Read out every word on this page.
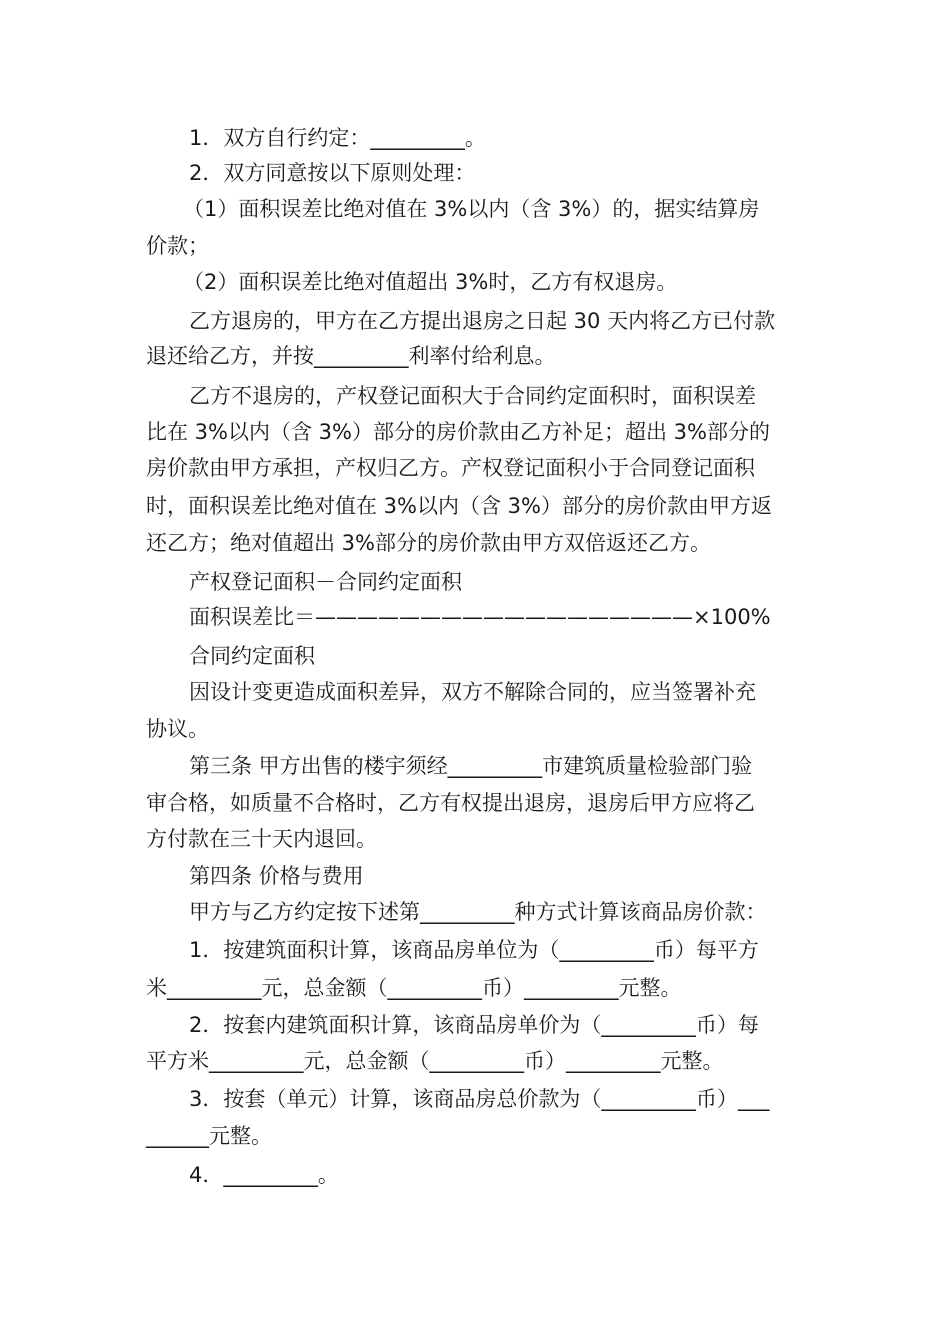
1．双方自行约定：_________。
2．双方同意按以下原则处理：
（1）面积误差比绝对值在 3%以内（含 3%）的，据实结算房
价款；
（2）面积误差比绝对值超出 3%时，乙方有权退房。
乙方退房的，甲方在乙方提出退房之日起 30 天内将乙方已付款
退还给乙方，并按_________利率付给利息。
乙方不退房的，产权登记面积大于合同约定面积时，面积误差
比在 3%以内（含 3%）部分的房价款由乙方补足；超出 3%部分的
房价款由甲方承担，产权归乙方。产权登记面积小于合同登记面积
时，面积误差比绝对值在 3%以内（含 3%）部分的房价款由甲方返
还乙方；绝对值超出 3%部分的房价款由甲方双倍返还乙方。
产权登记面积－合同约定面积
面积误差比＝——————————————————×100%
合同约定面积
因设计变更造成面积差异，双方不解除合同的，应当签署补充
协议。
第三条 甲方出售的楼宇须经_________市建筑质量检验部门验
审合格，如质量不合格时，乙方有权提出退房，退房后甲方应将乙
方付款在三十天内退回。
第四条 价格与费用
甲方与乙方约定按下述第_________种方式计算该商品房价款：
1．按建筑面积计算，该商品房单位为（_________币）每平方
米_________元，总金额（_________币）_________元整。
2．按套内建筑面积计算，该商品房单价为（_________币）每
平方米_________元，总金额（_________币）_________元整。
3．按套（单元）计算，该商品房总价款为（_________币）___
______元整。
4．_________。
